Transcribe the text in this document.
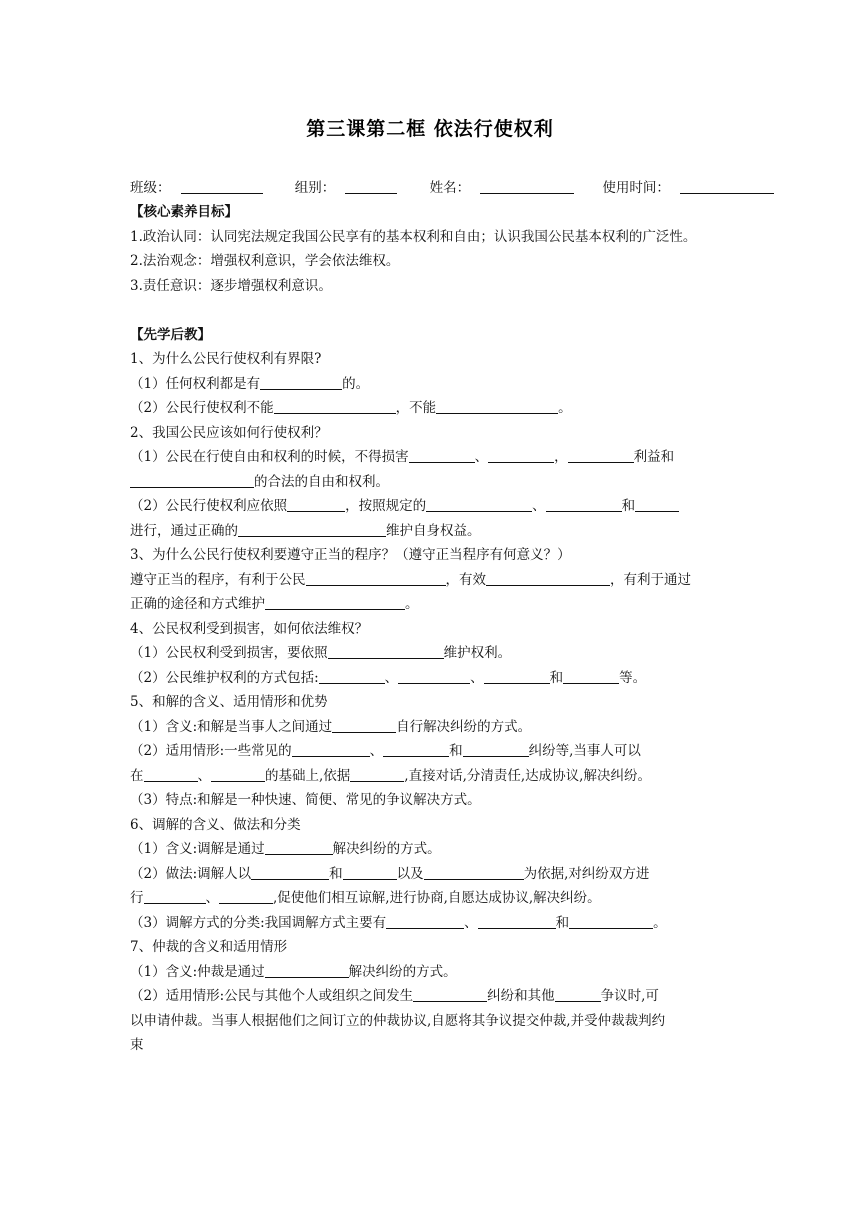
第三课第二框 依法行使权利
班级：	组别：	姓名：	使用时间：
【核心素养目标】
1.政治认同：认同宪法规定我国公民享有的基本权利和自由；认识我国公民基本权利的广泛性。
2.法治观念：增强权利意识，学会依法维权。
3.责任意识：逐步增强权利意识。
【先学后教】
1、为什么公民行使权利有界限?
（1）任何权利都是有	的。
（2）公民行使权利不能	，不能	。
2、我国公民应该如何行使权利？
（1）公民在行使自由和权利的时候，不得损害	、	，	利益和
的合法的自由和权利。
（2）公民行使权利应依照	，按照规定的	、	和
进行，通过正确的	维护自身权益。
3、为什么公民行使权利要遵守正当的程序？（遵守正当程序有何意义？）
遵守正当的程序，有利于公民	，有效	，有利于通过
正确的途径和方式维护	。
4、公民权利受到损害，如何依法维权？
（1）公民权利受到损害，要依照	维护权利。
（2）公民维护权利的方式包括:	、	、	和	等。
5、和解的含义、适用情形和优势
（1）含义:和解是当事人之间通过	自行解决纠纷的方式。
（2）适用情形:一些常见的	、	和	纠纷等,当事人可以
在	、	的基础上,依据	,直接对话,分清责任,达成协议,解决纠纷。
（3）特点:和解是一种快速、简便、常见的争议解决方式。
6、调解的含义、做法和分类
（1）含义:调解是通过	解决纠纷的方式。
（2）做法:调解人以	和	以及	为依据,对纠纷双方进
行	、	,促使他们相互谅解,进行协商,自愿达成协议,解决纠纷。
（3）调解方式的分类:我国调解方式主要有	、	和	。
7、仲裁的含义和适用情形
（1）含义:仲裁是通过	解决纠纷的方式。
（2）适用情形:公民与其他个人或组织之间发生	纠纷和其他	争议时,可
以申请仲裁。当事人根据他们之间订立的仲裁协议,自愿将其争议提交仲裁,并受仲裁裁判约
束
